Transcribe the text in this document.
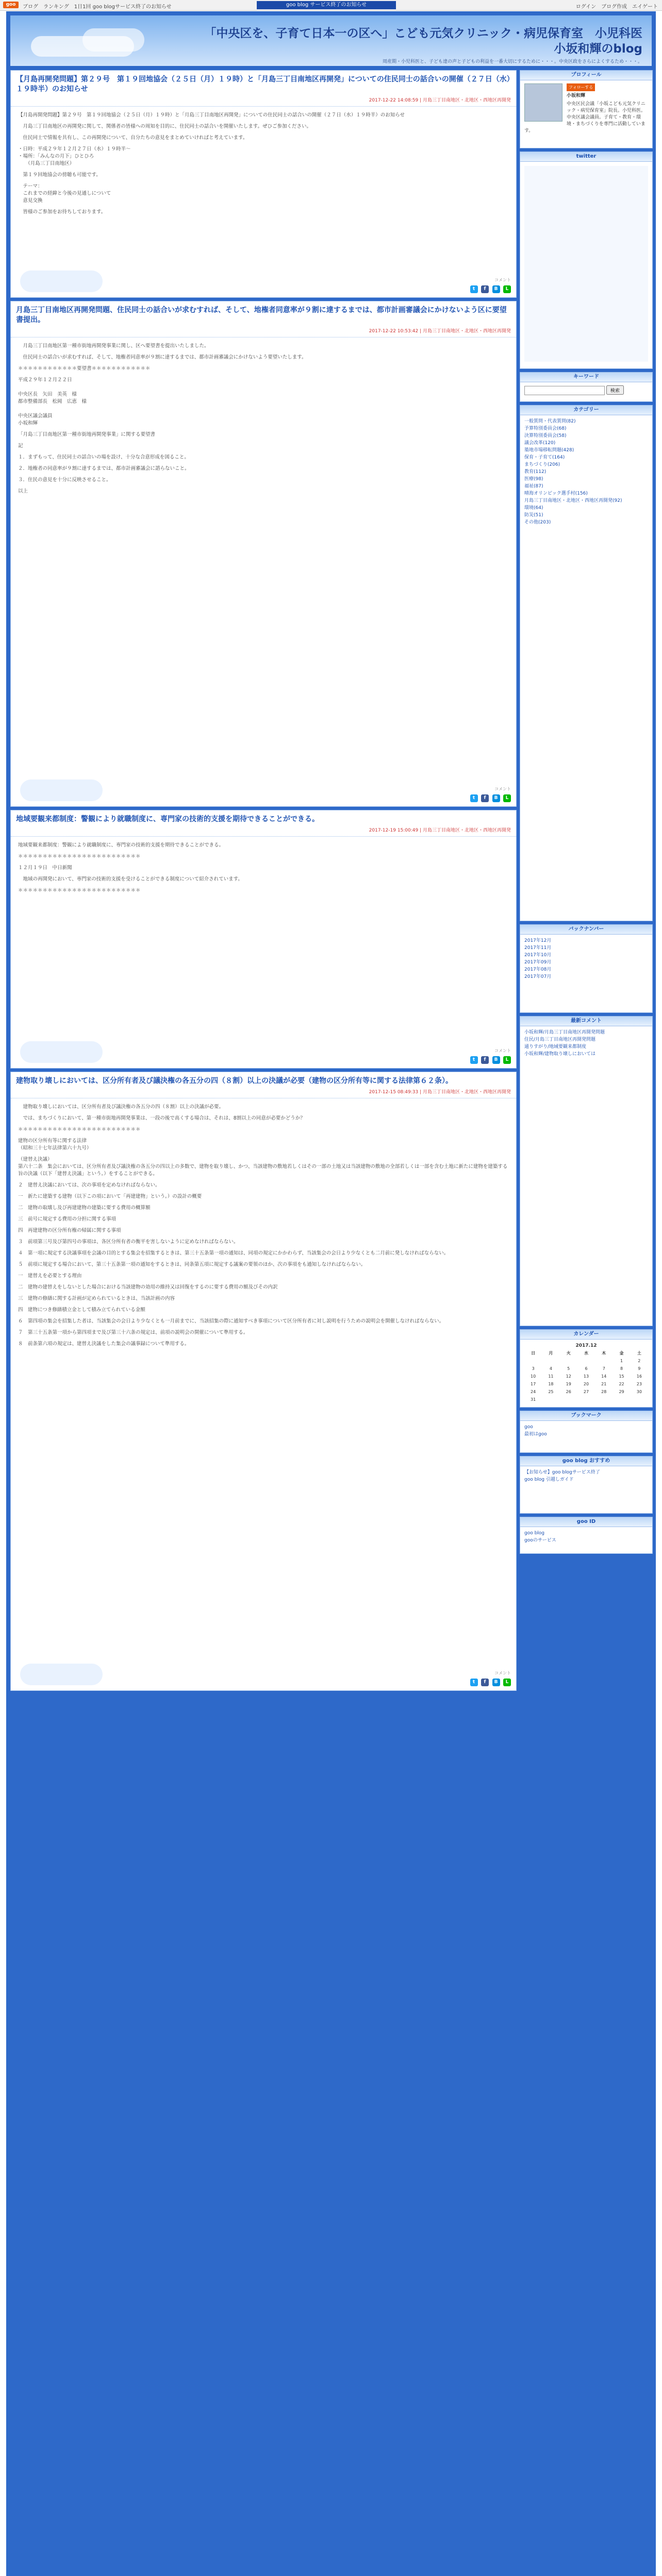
goo	ブログ　ランキング　1日1回 goo blogサービス終了のお知らせ	goo blog サービス終了のお知らせ	ログイン　ブログ作成　エイゲート
「中央区を、子育て日本一の区へ」こども元気クリニック・病児保育室　小児科医
小坂和輝のblog
周産期・小児科医と、子ども達の声と子どもの利益を一番大切にするために・・・。中央区政をさらによくするため・・・。
【月島再開発問題】第２９号　第１９回地協会（２５日（月）１９時）と「月島三丁目南地区再開発」についての住民同士の話合いの開催（２７日（水）１９時半）のお知らせ
2017-12-22 14:08:59 | 月島三丁目南地区・北地区・西地区再開発

【月島再開発問題】第２９号　第１９回地協会（２５日（月）１９時）と「月島三丁目南地区再開発」についての住民同士の話合いの開催（２７日（水）１９時半）のお知らせ

　月島三丁目南地区の再開発に関して、関係者の皆様への周知を目的に、住民同士の話合いを開催いたします。ぜひご参加ください。

　住民同士で情報を共有し、この再開発について、自分たちの意見をまとめていければと考えています。

・日時：平成２９年１２月２７日（水）１９時半〜
・場所：「みんなの月下」ひとひろ
　　（月島三丁目南地区）

　第１９回地協会の傍聴も可能です。

　テーマ：
　これまでの経緯と今後の見通しについて
　意見交換

　皆様のご参加をお待ちしております。

コメント
t f B L
月島三丁目南地区再開発問題、住民同士の話合いが求むすれば、そして、地権者同意率が９割に達するまでは、都市計画審議会にかけないよう区に要望書提出。
2017-12-22 10:53:42 | 月島三丁目南地区・北地区・西地区再開発

　月島三丁目南地区第一種市街地再開発事業に関し、区へ要望書を提出いたしました。

　住民同士の話合いが求むすれば、そして、地権者同意率が９割に達するまでは、都市計画審議会にかけないよう要望いたします。

＊＊＊＊＊＊＊＊＊＊＊＊要望書＊＊＊＊＊＊＊＊＊＊＊＊

平成２９年１２月２２日

中央区長　矢田　美英　様
都市整備部長　松岡　広恵　様

中央区議会議員
小坂和輝

「月島三丁目南地区第一種市街地再開発事業」に関する要望書

記

１．まずもって、住民同士の話合いの場を設け、十分な合意形成を図ること。

２．地権者の同意率が９割に達するまでは、都市計画審議会に諮らないこと。

３．住民の意見を十分に反映させること。

以上

コメント
t f B L
地域要観来都制度：警観により就職制度に、専門家の技術的支援を期待できることができる。
2017-12-19 15:00:49 | 月島三丁目南地区・北地区・西地区再開発

地域要観来都制度：警観により就職制度に、専門家の技術的支援を期待できることができる。

＊＊＊＊＊＊＊＊＊＊＊＊＊＊＊＊＊＊＊＊＊＊＊＊＊

１２月１９日　中日新聞

　地域の再開発において、専門家の技術的支援を受けることができる制度について紹介されています。

＊＊＊＊＊＊＊＊＊＊＊＊＊＊＊＊＊＊＊＊＊＊＊＊＊

コメント
t f B L
建物取り壊しにおいては、区分所有者及び議決権の各五分の四（８割）以上の決議が必要（建物の区分所有等に関する法律第６２条）。
2017-12-15 08:49:33 | 月島三丁目南地区・北地区・西地区再開発

　建物取り壊しにおいては、区分所有者及び議決権の各五分の四（８割）以上の決議が必要。

　では、まちづくりにおいて、第一種市街地再開発事業は、一段の後で高くする場合は、それは、8割以上の同意が必要かどうか？

＊＊＊＊＊＊＊＊＊＊＊＊＊＊＊＊＊＊＊＊＊＊＊＊＊

建物の区分所有等に関する法律
（昭和三十七年法律第六十九号）

（建替え決議）
第六十二条　集会においては、区分所有者及び議決権の各五分の四以上の多数で、建物を取り壊し、かつ、当該建物の敷地若しくはその一部の土地又は当該建物の敷地の全部若しくは一部を含む土地に新たに建物を建築する旨の決議（以下「建替え決議」という。）をすることができる。

２　建替え決議においては、次の事項を定めなければならない。

一　新たに建築する建物（以下この項において「再建建物」という。）の設計の概要

二　建物の取壊し及び再建建物の建築に要する費用の概算額

三　前号に規定する費用の分担に関する事項

四　再建建物の区分所有権の帰属に関する事項

３　前項第三号及び第四号の事項は、各区分所有者の衡平を害しないように定めなければならない。

４　第一項に規定する決議事項を会議の目的とする集会を招集するときは、第三十五条第一項の通知は、同項の規定にかかわらず、当該集会の会日より少なくとも二月前に発しなければならない。

５　前項に規定する場合において、第三十五条第一項の通知をするときは、同条第五項に規定する議案の要領のほか、次の事項をも通知しなければならない。

一　建替えを必要とする理由

二　建物の建替えをしないとした場合における当該建物の効用の維持又は回復をするのに要する費用の額及びその内訳

三　建物の修繕に関する計画が定められているときは、当該計画の内容

四　建物につき修繕積立金として積み立てられている金額

６　第四項の集会を招集した者は、当該集会の会日より少なくとも一月前までに、当該招集の際に通知すべき事項について区分所有者に対し説明を行うための説明会を開催しなければならない。

７　第三十五条第一項から第四項まで及び第三十六条の規定は、前項の説明会の開催について準用する。

８　前条第六項の規定は、建替え決議をした集会の議事録について準用する。

コメント
t f B L
プロフィール
フォローする
小坂和輝
中央区民会議「小坂こども元気クリニック・病児保育室」院長。小児科医。中央区議会議員。子育て・教育・環境・まちづくりを専門に活動しています。
twitter
キーワード
検索
カテゴリー
一般質問・代表質問(82)
予算特別委員会(68)
決算特別委員会(58)
議会改革(120)
築地市場移転問題(428)
保育・子育て(164)
まちづくり(206)
教育(112)
医療(98)
福祉(87)
晴海オリンピック選手村(156)
月島三丁目南地区・北地区・西地区再開発(92)
環境(64)
防災(51)
その他(203)
バックナンバー
2017年12月
2017年11月
2017年10月
2017年09月
2017年08月
2017年07月
最新コメント
小坂和輝/月島三丁目南地区再開発問題
住民/月島三丁目南地区再開発問題
通りすがり/地域要観来都制度
小坂和輝/建物取り壊しにおいては
カレンダー
2017.12
日	月	火	水	木	金	土
					1	2
3	4	5	6	7	8	9
10	11	12	13	14	15	16
17	18	19	20	21	22	23
24	25	26	27	28	29	30
31						
ブックマーク
goo
最初はgoo
goo blog おすすめ
【お知らせ】goo blogサービス終了
goo blog 引越しガイド
goo ID
goo blog
gooのサービス
